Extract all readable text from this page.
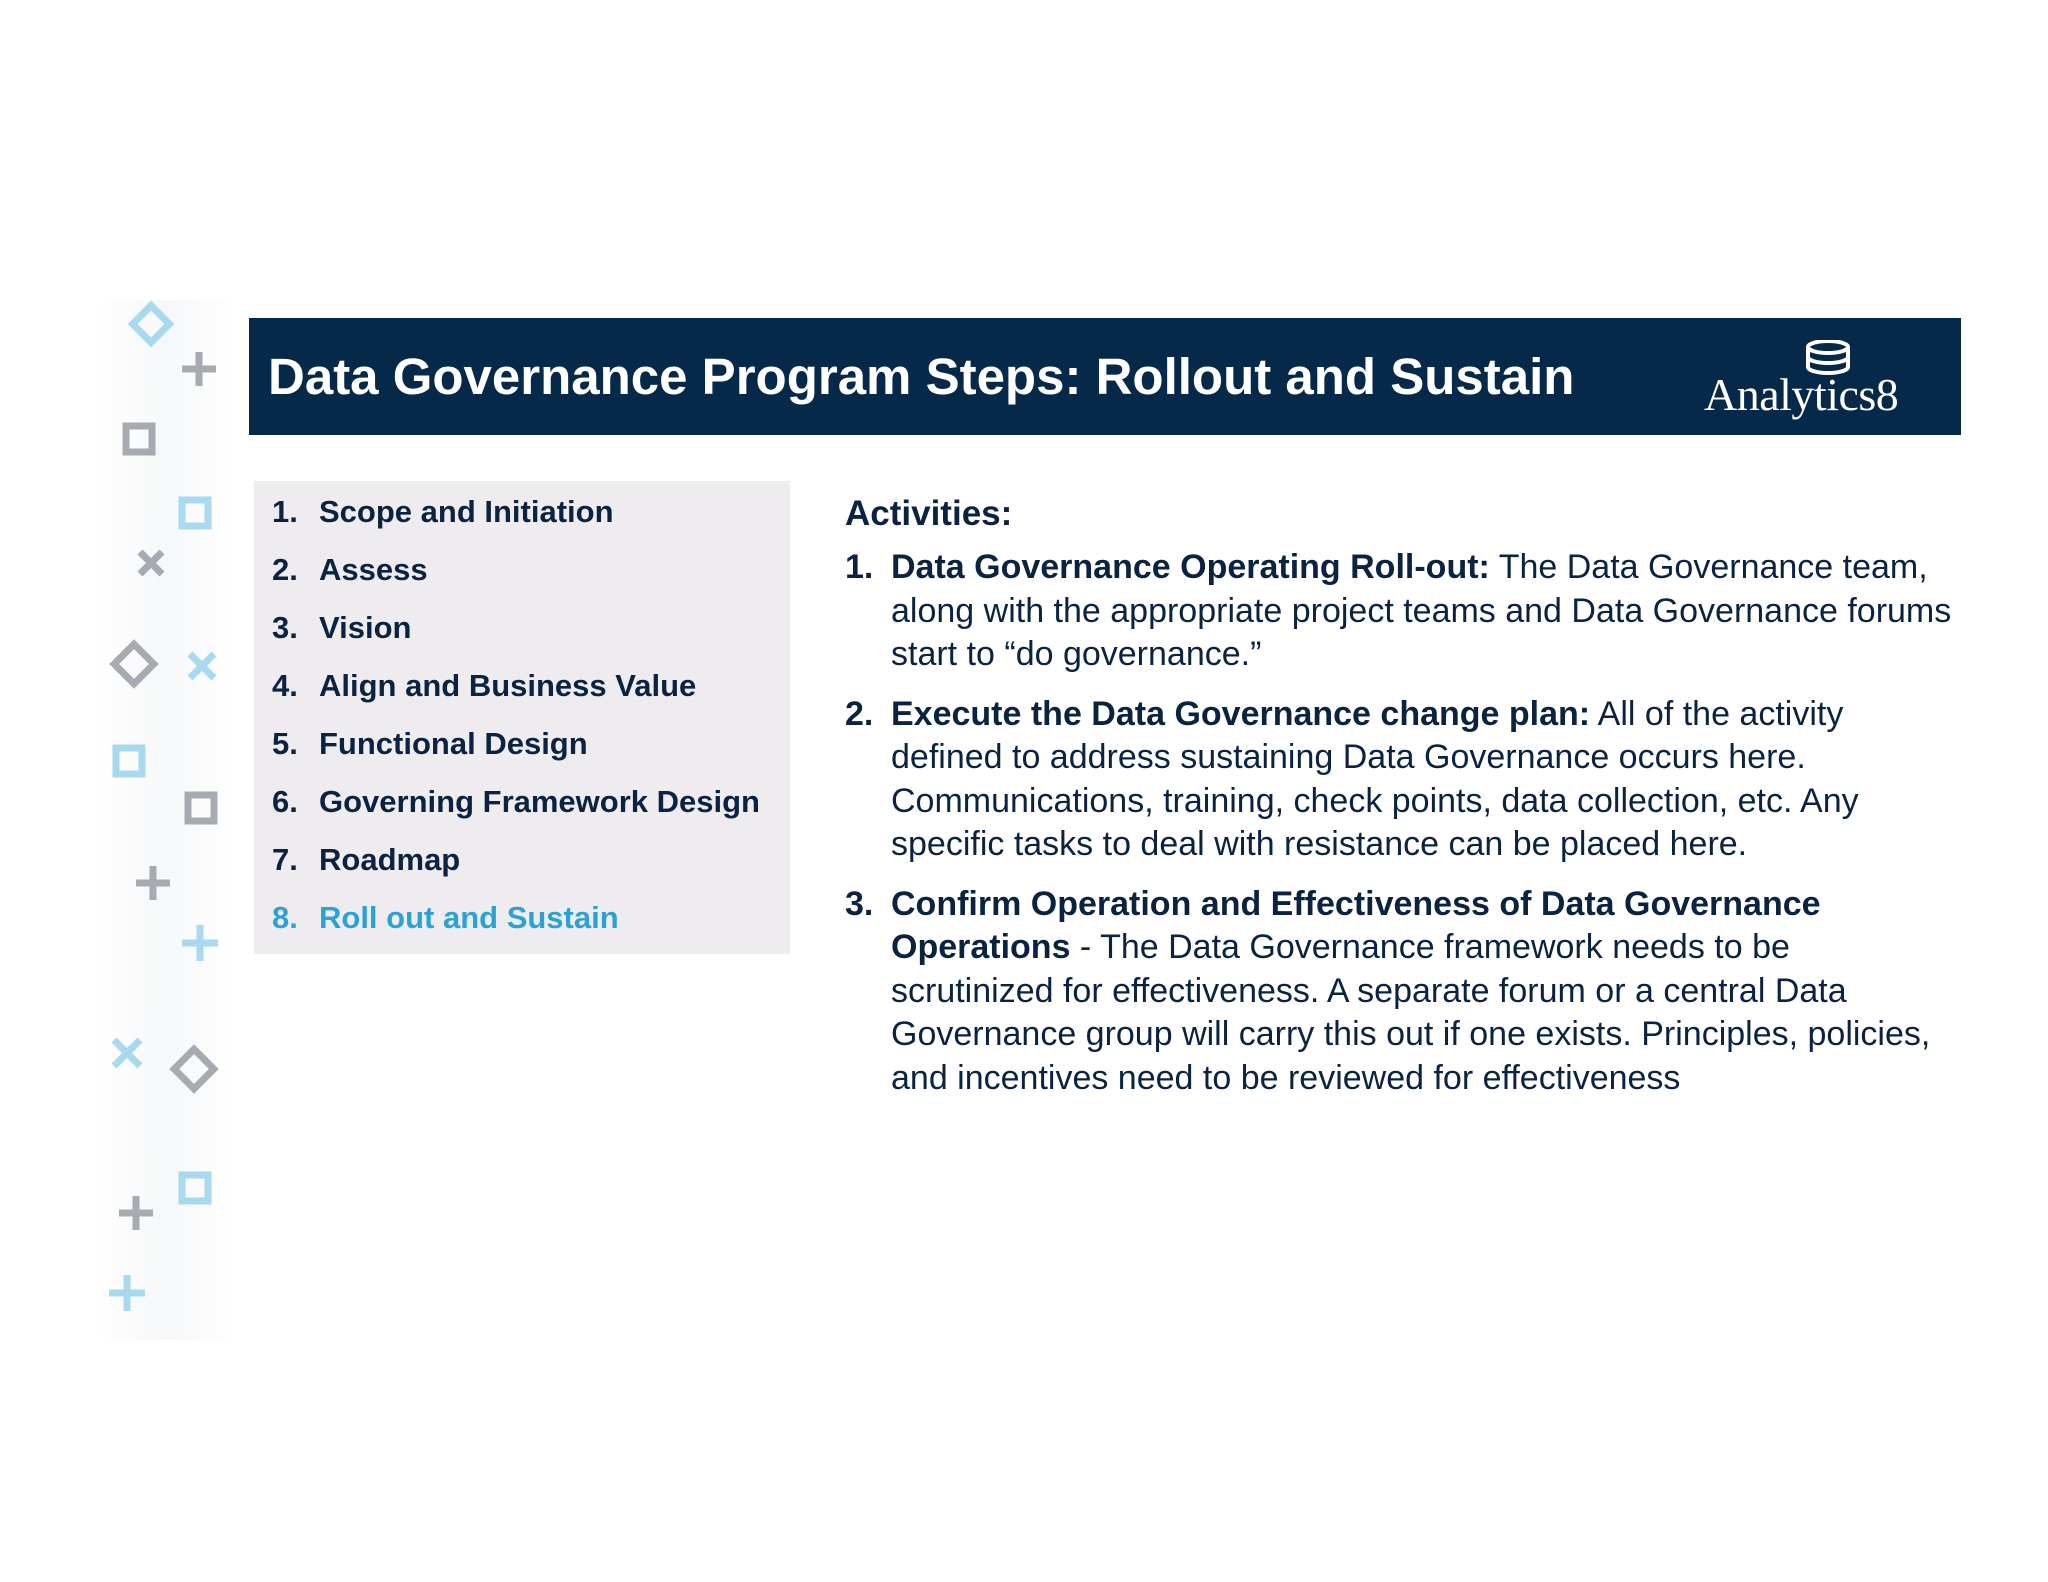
Data Governance Program Steps: Rollout and Sustain	Analytics8
1. Scope and Initiation
2. Assess
3. Vision
4. Align and Business Value
5. Functional Design
6. Governing Framework Design
7. Roadmap
8. Roll out and Sustain
Activities:
1. Data Governance Operating Roll-out: The Data Governance team, along with the appropriate project teams and Data Governance forums start to “do governance.”
2. Execute the Data Governance change plan: All of the activity defined to address sustaining Data Governance occurs here. Communications, training, check points, data collection, etc. Any specific tasks to deal with resistance can be placed here.
3. Confirm Operation and Effectiveness of Data Governance Operations - The Data Governance framework needs to be scrutinized for effectiveness. A separate forum or a central Data Governance group will carry this out if one exists. Principles, policies, and incentives need to be reviewed for effectiveness
